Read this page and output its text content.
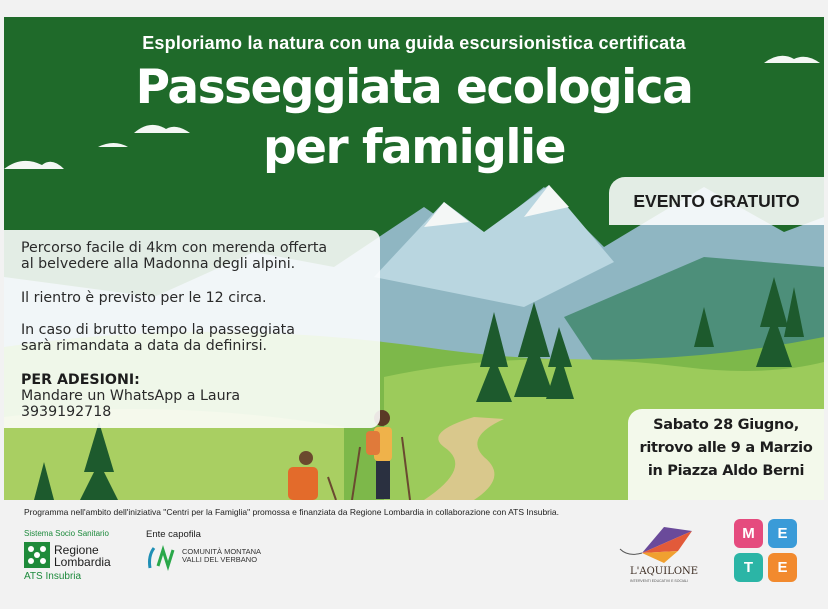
Esploriamo la natura con una guida escursionistica certificata
Passeggiata ecologica
per famiglie
EVENTO GRATUITO

Percorso facile di 4km con merenda offerta
al belvedere alla Madonna degli alpini.

Il rientro è previsto per le 12 circa.

In caso di brutto tempo la passeggiata
sarà rimandata a data da definirsi.

PER ADESIONI:
Mandare un WhatsApp a Laura
3939192718

Sabato 28 Giugno,
ritrovo alle 9 a Marzio
in Piazza Aldo Berni
Programma nell'ambito dell'iniziativa "Centri per la Famiglia" promossa e finanziata da Regione Lombardia in collaborazione con ATS Insubria.
Sistema Socio Sanitario
Regione
Lombardia
ATS Insubria
Ente capofila
COMUNITÀ MONTANA
VALLI DEL VERBANO
L'AQUILONE
INTERVENTI EDUCATIVI E SOCIALI
M	E
T	E
